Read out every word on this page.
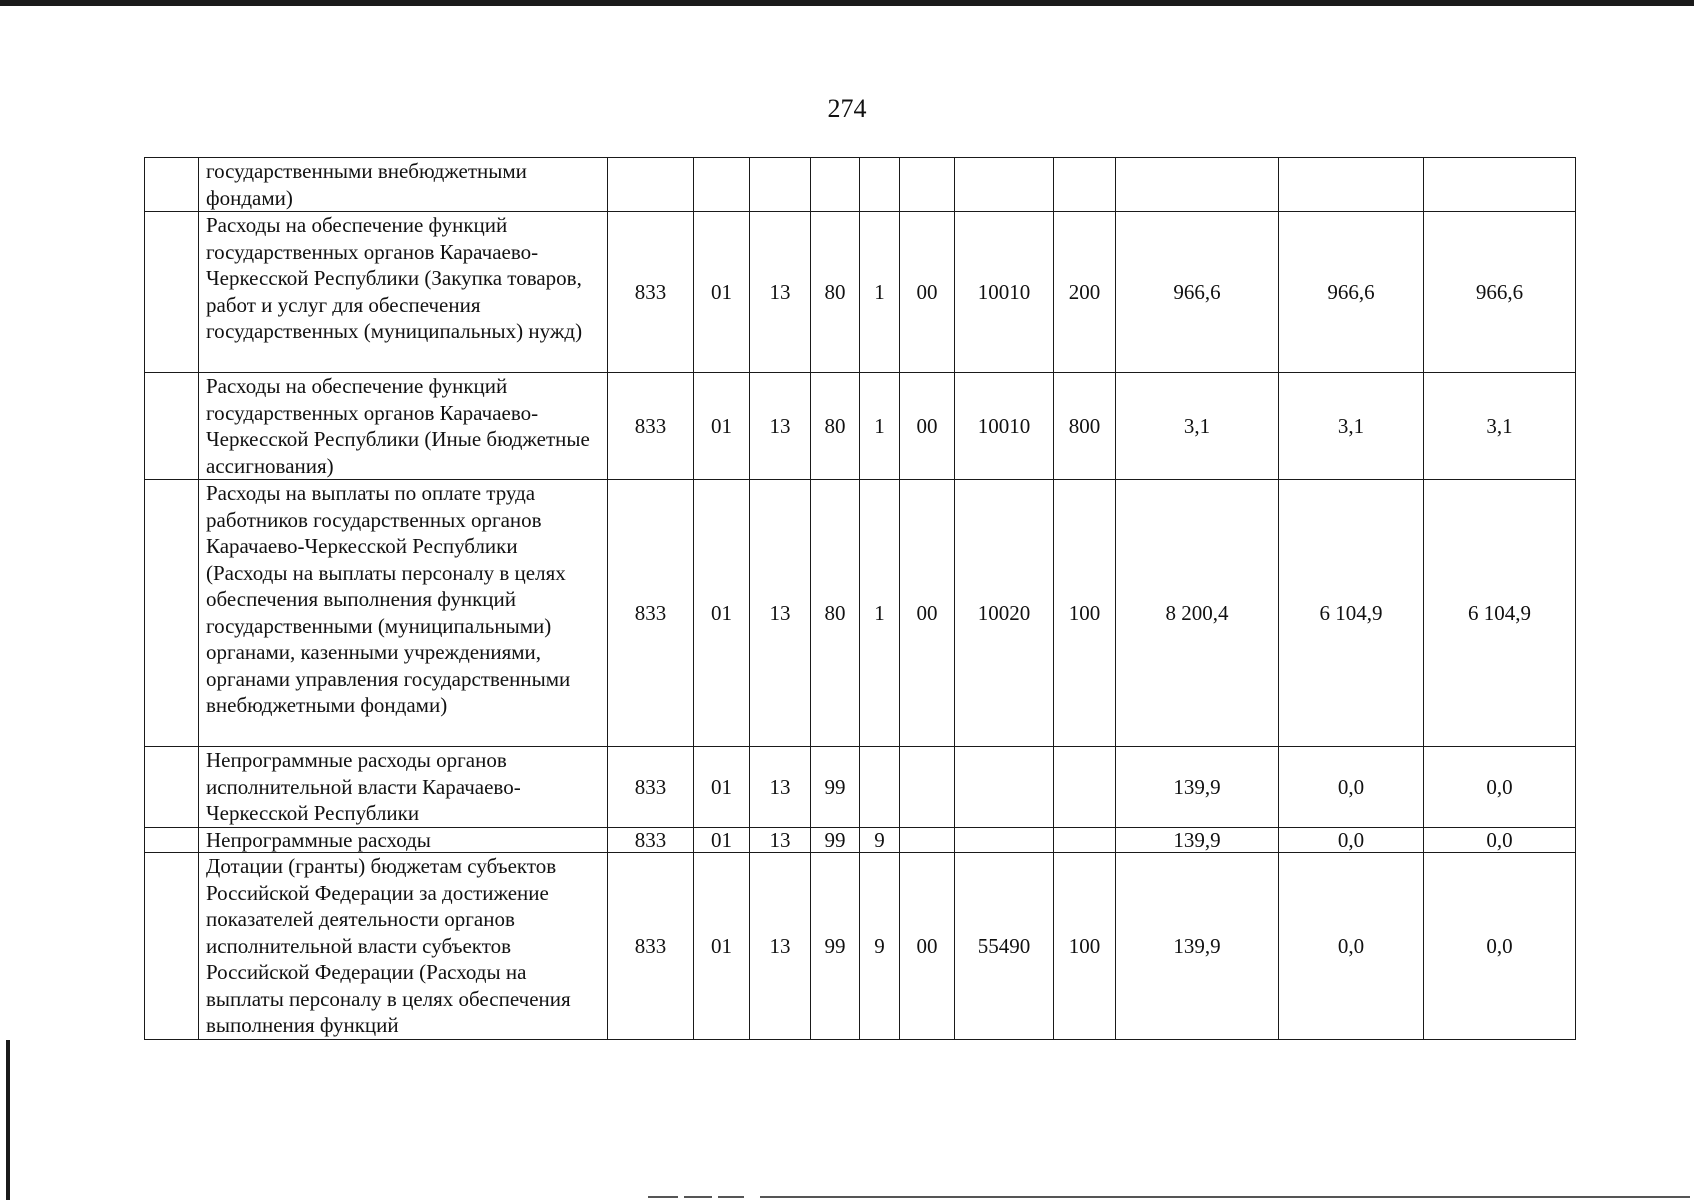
274
	государственными внебюджетными фондами)											
	Расходы на обеспечение функций государственных органов Карачаево-Черкесской Республики (Закупка товаров, работ и услуг для обеспечения государственных (муниципальных) нужд)	833	01	13	80	1	00	10010	200	966,6	966,6	966,6
	Расходы на обеспечение функций государственных органов Карачаево-Черкесской Республики (Иные бюджетные ассигнования)	833	01	13	80	1	00	10010	800	3,1	3,1	3,1
	Расходы на выплаты по оплате труда работников государственных органов Карачаево-Черкесской Республики (Расходы на выплаты персоналу в целях обеспечения выполнения функций государственными (муниципальными) органами, казенными учреждениями, органами управления государственными внебюджетными фондами)	833	01	13	80	1	00	10020	100	8 200,4	6 104,9	6 104,9
	Непрограммные расходы органов исполнительной власти Карачаево-Черкесской Республики	833	01	13	99					139,9	0,0	0,0
	Непрограммные расходы	833	01	13	99	9				139,9	0,0	0,0
	Дотации (гранты) бюджетам субъектов Российской Федерации за достижение показателей деятельности органов исполнительной власти субъектов Российской Федерации (Расходы на выплаты персоналу в целях обеспечения выполнения функций	833	01	13	99	9	00	55490	100	139,9	0,0	0,0
